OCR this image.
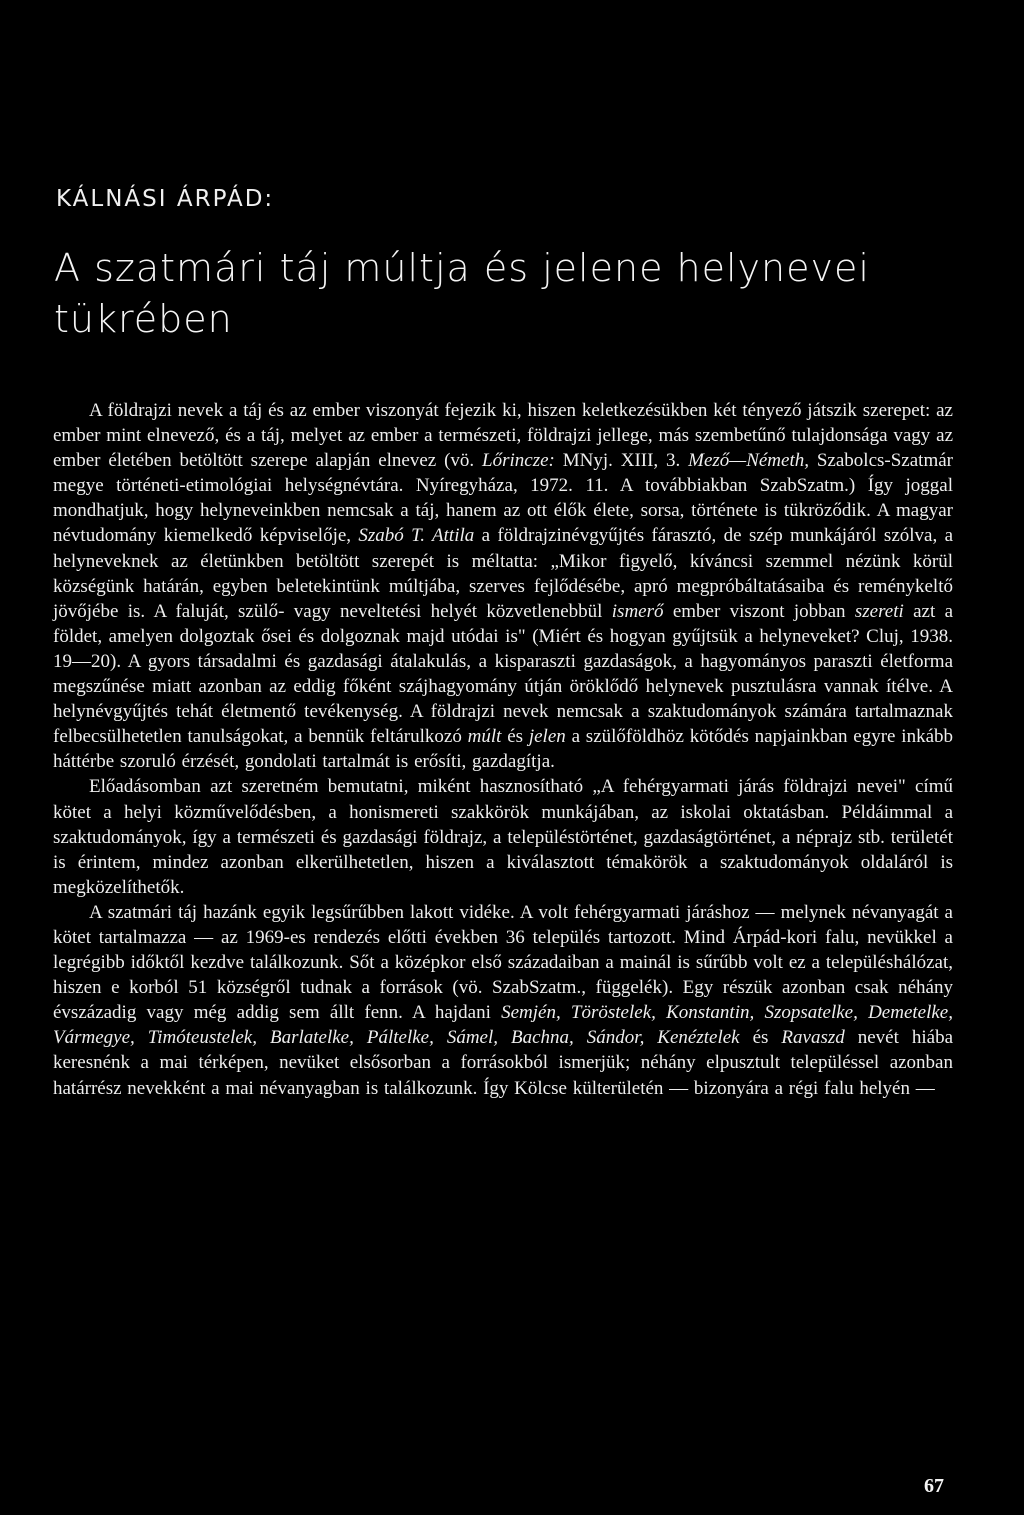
KÁLNÁSI ÁRPÁD:
A szatmári táj múltja és jelene helynevei tükrében

A földrajzi nevek a táj és az ember viszonyát fejezik ki, hiszen keletkezésükben két tényező játszik szerepet: az ember mint elnevező, és a táj, melyet az ember a természeti, földrajzi jellege, más szembetűnő tulajdonsága vagy az ember életében betöltött szerepe alapján elnevez (vö. Lőrincze: MNyj. XIII, 3. Mező—Németh, Szabolcs-Szatmár megye történeti-etimológiai helységnévtára. Nyíregyháza, 1972. 11. A továbbiakban SzabSzatm.) Így joggal mondhatjuk, hogy helyneveinkben nemcsak a táj, hanem az ott élők élete, sorsa, története is tükröződik. A magyar névtudomány kiemelkedő képviselője, Szabó T. Attila a földrajzinévgyűjtés fárasztó, de szép munkájáról szólva, a helyneveknek az életünkben betöltött szerepét is méltatta: „Mikor figyelő, kíváncsi szemmel nézünk körül községünk határán, egyben beletekintünk múltjába, szerves fejlődésébe, apró megpróbáltatásaiba és reménykeltő jövőjébe is. A faluját, szülő- vagy neveltetési helyét közvetlenebbül ismerő ember viszont jobban szereti azt a földet, amelyen dolgoztak ősei és dolgoznak majd utódai is" (Miért és hogyan gyűjtsük a helyneveket? Cluj, 1938. 19—20). A gyors társadalmi és gazdasági átalakulás, a kisparaszti gazdaságok, a hagyományos paraszti életforma megszűnése miatt azonban az eddig főként szájhagyomány útján öröklődő helynevek pusztulásra vannak ítélve. A helynévgyűjtés tehát életmentő tevékenység. A földrajzi nevek nemcsak a szaktudományok számára tartalmaznak felbecsülhetetlen tanulságokat, a bennük feltárulkozó múlt és jelen a szülőföldhöz kötődés napjainkban egyre inkább háttérbe szoruló érzését, gondolati tartalmát is erősíti, gazdagítja.

Előadásomban azt szeretném bemutatni, miként hasznosítható „A fehérgyarmati járás földrajzi nevei" című kötet a helyi közművelődésben, a honismereti szakkörök munkájában, az iskolai oktatásban. Példáimmal a szaktudományok, így a természeti és gazdasági földrajz, a településtörténet, gazdaságtörténet, a néprajz stb. területét is érintem, mindez azonban elkerülhetetlen, hiszen a kiválasztott témakörök a szaktudományok oldaláról is megközelíthetők.

A szatmári táj hazánk egyik legsűrűbben lakott vidéke. A volt fehérgyarmati járáshoz — melynek névanyagát a kötet tartalmazza — az 1969-es rendezés előtti években 36 település tartozott. Mind Árpád-kori falu, nevükkel a legrégibb időktől kezdve találkozunk. Sőt a középkor első századaiban a mainál is sűrűbb volt ez a településhálózat, hiszen e korból 51 községről tudnak a források (vö. SzabSzatm., függelék). Egy részük azonban csak néhány évszázadig vagy még addig sem állt fenn. A hajdani Semjén, Töröstelek, Konstantin, Szopsatelke, Demetelke, Vármegye, Timóteustelek, Barlatelke, Páltelke, Sámel, Bachna, Sándor, Kenéztelek és Ravaszd nevét hiába keresnénk a mai térképen, nevüket elsősorban a forrásokból ismerjük; néhány elpusztult településsel azonban határrész nevekként a mai névanyagban is találkozunk. Így Kölcse külterületén — bizonyára a régi falu helyén —

67
